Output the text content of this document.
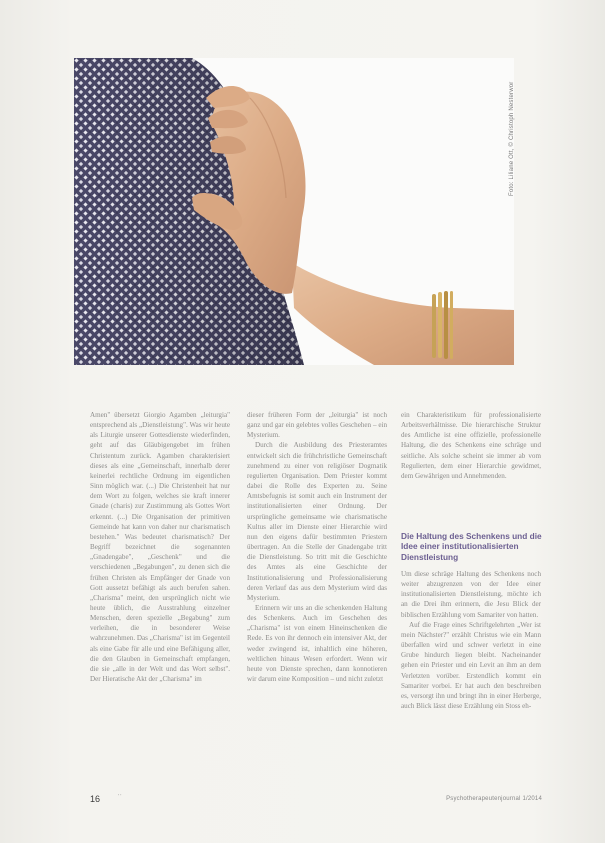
Foto: Liliane Ott, © Christoph Nesterwor

Amen" übersetzt Giorgio Agamben „leiturgia" entsprechend als „Dienstleistung". Was wir heute als Liturgie unserer Gottesdienste wiederfinden, geht auf das Gläubigengebet im frühen Christentum zurück. Agamben charakterisiert dieses als eine „Gemeinschaft, innerhalb derer keinerlei rechtliche Ordnung im eigentlichen Sinn möglich war. (...) Die Christenheit hat nur dem Wort zu folgen, welches sie kraft innerer Gnade (charis) zur Zustimmung als Gottes Wort erkennt. (...) Die Organisation der primitiven Gemeinde hat kann von daher nur charismatisch bestehen." Was bedeutet charismatisch? Der Begriff bezeichnet die sogenannten „Gnadengabe", „Geschenk" und die verschiedenen „Begabungen", zu denen sich die frühen Christen als Empfänger der Gnade von Gott aussetzt befähigt als auch berufen sahen. „Charisma" meint, den ursprünglich nicht wie heute üblich, die Ausstrahlung einzelner Menschen, deren spezielle „Begabung" zum verleihen, die in besonderer Weise wahrzunehmen. Das „Charisma" ist im Gegenteil als eine Gabe für alle und eine Befähigung aller, die den Glauben in Gemeinschaft empfangen, die sie „alle in der Welt und das Wort selbst". Der Hieratische Akt der „Charisma" im

dieser früheren Form der „leiturgia" ist noch ganz und gar ein gelebtes volles Geschehen – ein Mysterium.

Durch die Ausbildung des Priesteramtes entwickelt sich die frühchristliche Gemeinschaft zunehmend zu einer von religiöser Dogmatik regulierten Organisation. Dem Priester kommt dabei die Rolle des Experten zu. Seine Amtsbefugnis ist somit auch ein Instrument der institutionalisierten einer Ordnung. Der ursprüngliche gemeinsame wie charismatische Kultus aller im Dienste einer Hierarchie wird nun den eigens dafür bestimmten Priestern übertragen. An die Stelle der Gnadengabe tritt die Dienstleistung. So tritt mit die Geschichte des Amtes als eine Geschichte der Institutionalisierung und Professionalisierung deren Verlauf das aus dem Mysterium wird das Mysterium.

Erinnern wir uns an die schenkenden Haltung des Schenkens. Auch im Geschehen des „Charisma" ist von einem Hineinschenken die Rede. Es von ihr dennoch ein intensiver Akt, der weder zwingend ist, inhaltlich eine höheren, weltlichen hinaus Wesen erfordert. Wenn wir heute von Dienste sprechen, dann konnotieren wir darum eine Komposition – und nicht zuletzt

ein Charakteristikum für professionalisierte Arbeitsverhältnisse. Die hierarchische Struktur des Amtliche ist eine offizielle, professionelle Haltung, die des Schenkens eine schräge und seitliche. Als solche scheint sie immer ab vom Regulierten, dem einer Hierarchie gewidmet, dem Gewährigen und Annehmenden.

Die Haltung des Schenkens und die Idee einer institutionalisierten Dienstleistung

Um diese schräge Haltung des Schenkens noch weiter abzugrenzen von der Idee einer institutionalisierten Dienstleistung, möchte ich an die Drei ihm erinnern, die Jesu Blick der biblischen Erzählung vom Samariter von hatten.

Auf die Frage eines Schriftgelehrten „Wer ist mein Nächster?" erzählt Christus wie ein Mann überfallen wird und schwer verletzt in eine Grube hindurch liegen bleibt. Nacheinander gehen ein Priester und ein Levit an ihm an dem Verletzten vorüber. Erstendlich kommt ein Samariter vorbei. Er hat auch den beschreiben es, versorgt ihn und bringt ihn in einer Herberge, auch Blick lässt diese Erzählung ein Stoss eh-

16	' '	Psychotherapeutenjournal 1/2014
